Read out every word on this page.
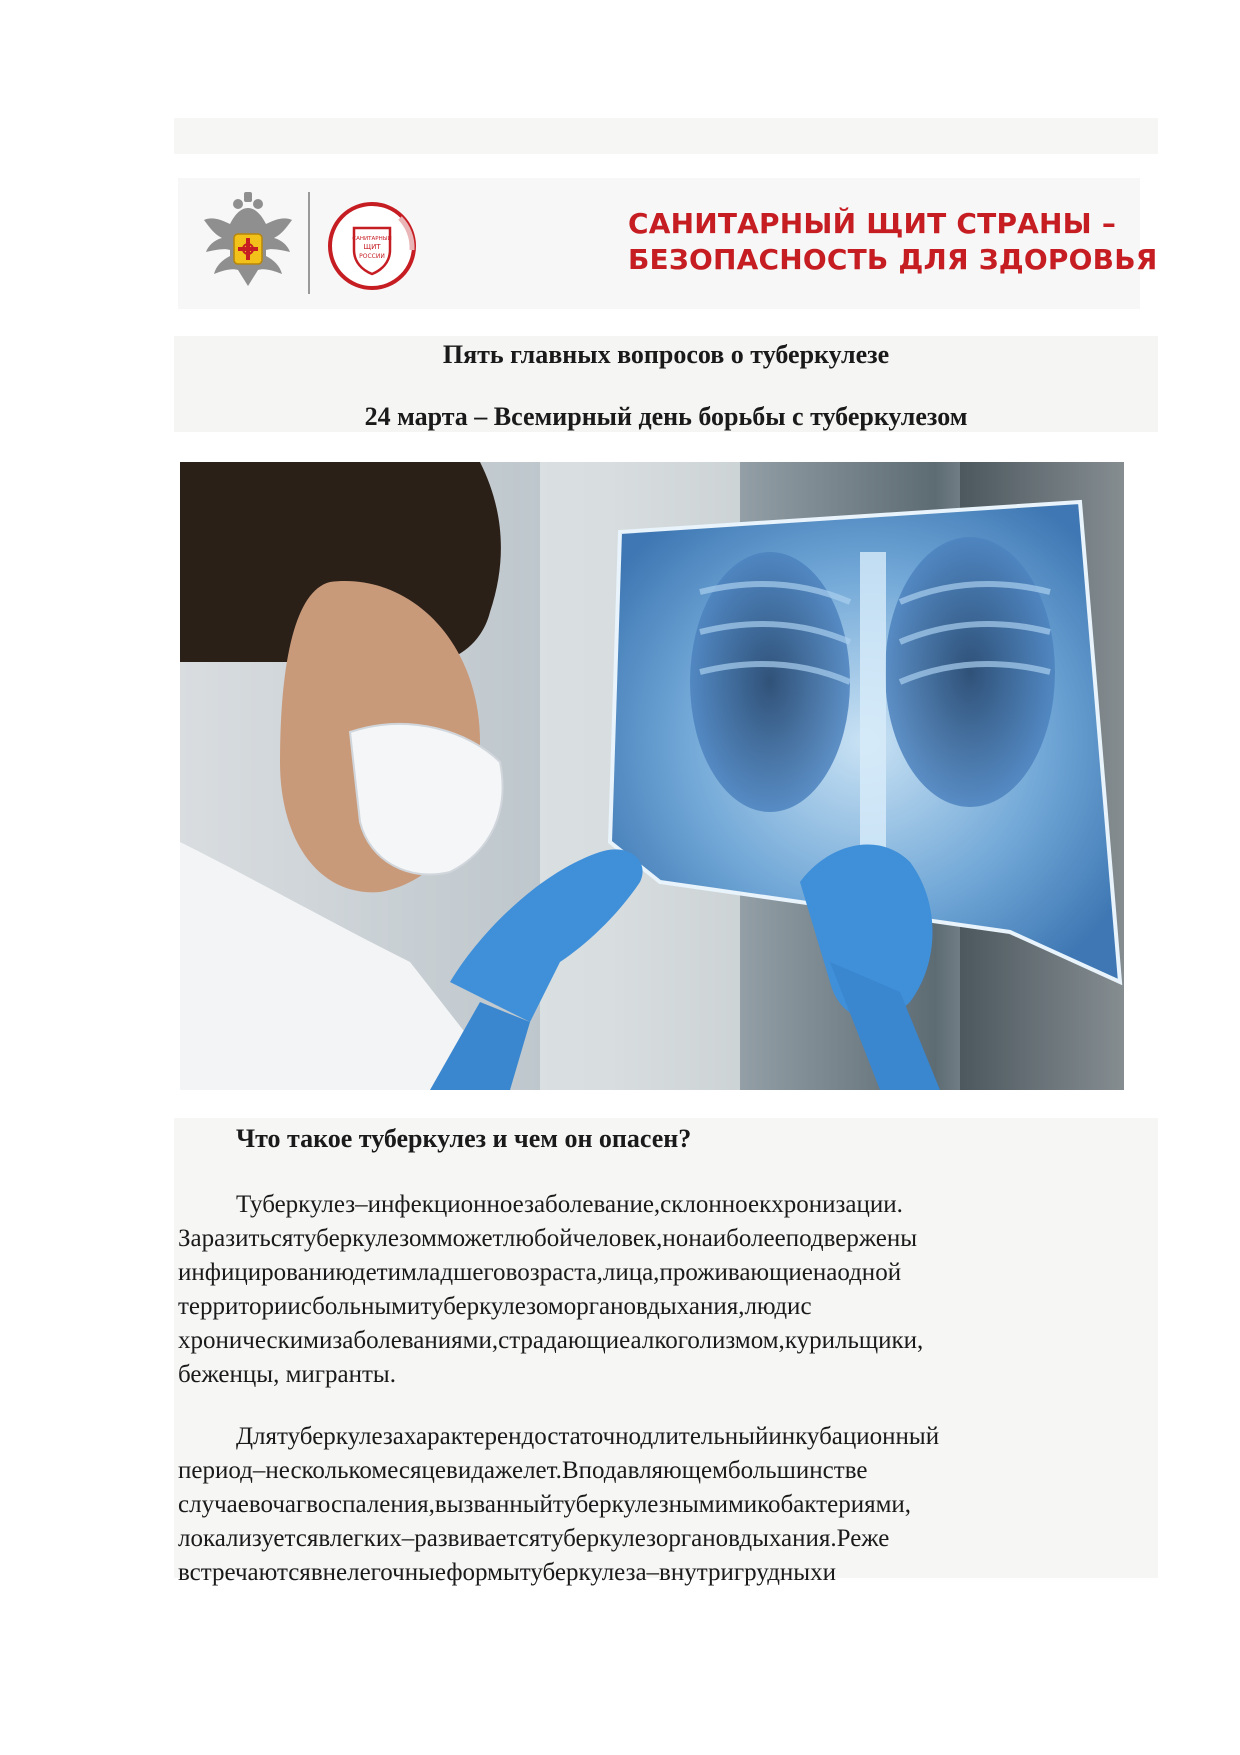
САНИТАРНЫЙ
ЩИТ
РОССИИ
САНИТАРНЫЙ ЩИТ СТРАНЫ –
БЕЗОПАСНОСТЬ ДЛЯ ЗДОРОВЬЯ
Пять главных вопросов о туберкулезе
24 марта – Всемирный день борьбы с туберкулезом
Что такое туберкулез и чем он опасен?
Туберкулез–инфекционноезаболевание,склонноекхронизации.
Заразитьсятуберкулезомможетлюбойчеловек,нонаиболееподвержены
инфицированиюдетимладшеговозраста,лица,проживающиенаодной
территориисбольнымитуберкулезоморгановдыхания,людис
хроническимизаболеваниями,страдающиеалкоголизмом,курильщики,
беженцы, мигранты.
Длятуберкулезахарактерендостаточнодлительныйинкубационный
период–несколькомесяцевидажелет.Вподавляющембольшинстве
случаевочагвоспаления,вызванныйтуберкулезнымимикобактериями,
локализуетсявлегких–развиваетсятуберкулезоргановдыхания.Реже
встречаютсявнелегочныеформытуберкулеза–внутригрудныхи
